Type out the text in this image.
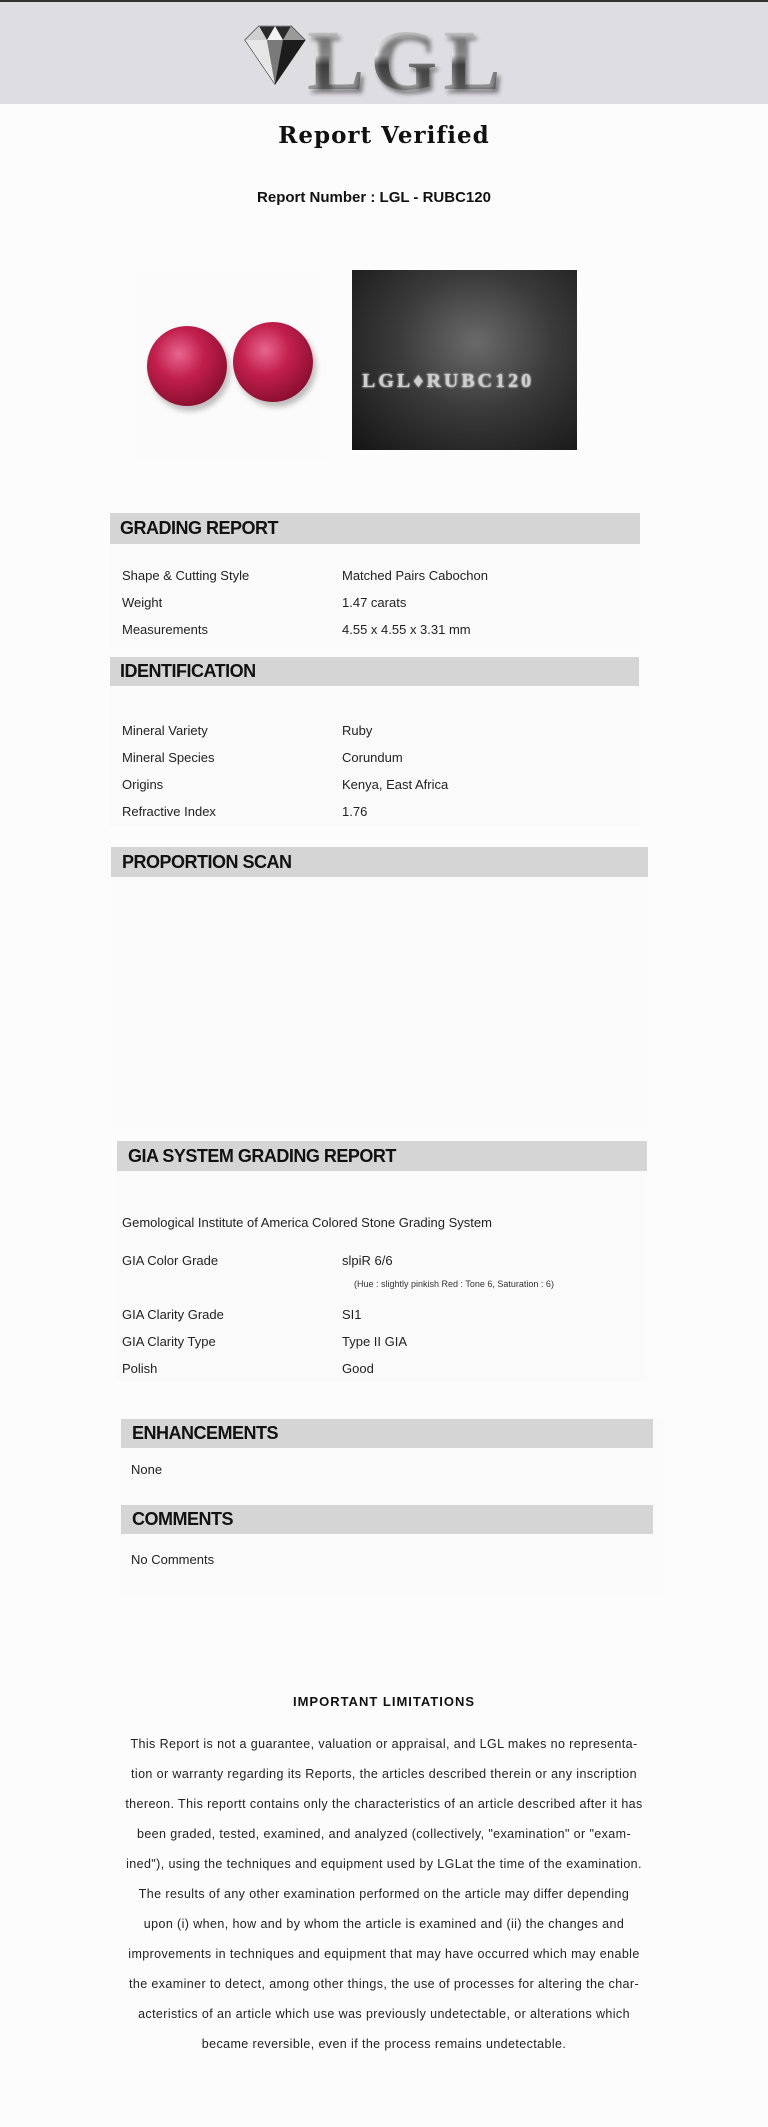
LGL
Report Verified
Report Number : LGL - RUBC120
LGL♦RUBC120
GRADING REPORT
Shape & Cutting Style	Matched Pairs Cabochon
Weight	1.47 carats
Measurements	4.55 x 4.55 x 3.31 mm
IDENTIFICATION
Mineral Variety	Ruby
Mineral Species	Corundum
Origins	Kenya, East Africa
Refractive Index	1.76
PROPORTION SCAN
GIA SYSTEM GRADING REPORT
Gemological Institute of America Colored Stone Grading System
GIA Color Grade	slpiR 6/6
(Hue : slightly pinkish Red : Tone 6, Saturation : 6)
GIA Clarity Grade	SI1
GIA Clarity Type	Type II GIA
Polish	Good
ENHANCEMENTS
None
COMMENTS
No Comments
IMPORTANT LIMITATIONS
This Report is not a guarantee, valuation or appraisal, and LGL makes no representa-
tion or warranty regarding its Reports, the articles described therein or any inscription
thereon. This reportt contains only the characteristics of an article described after it has
been graded, tested, examined, and analyzed (collectively, "examination" or "exam-
ined"), using the techniques and equipment used by LGLat the time of the examination.
The results of any other examination performed on the article may differ depending
upon (i) when, how and by whom the article is examined and (ii) the changes and
improvements in techniques and equipment that may have occurred which may enable
the examiner to detect, among other things, the use of processes for altering the char-
acteristics of an article which use was previously undetectable, or alterations which
became reversible, even if the process remains undetectable.
